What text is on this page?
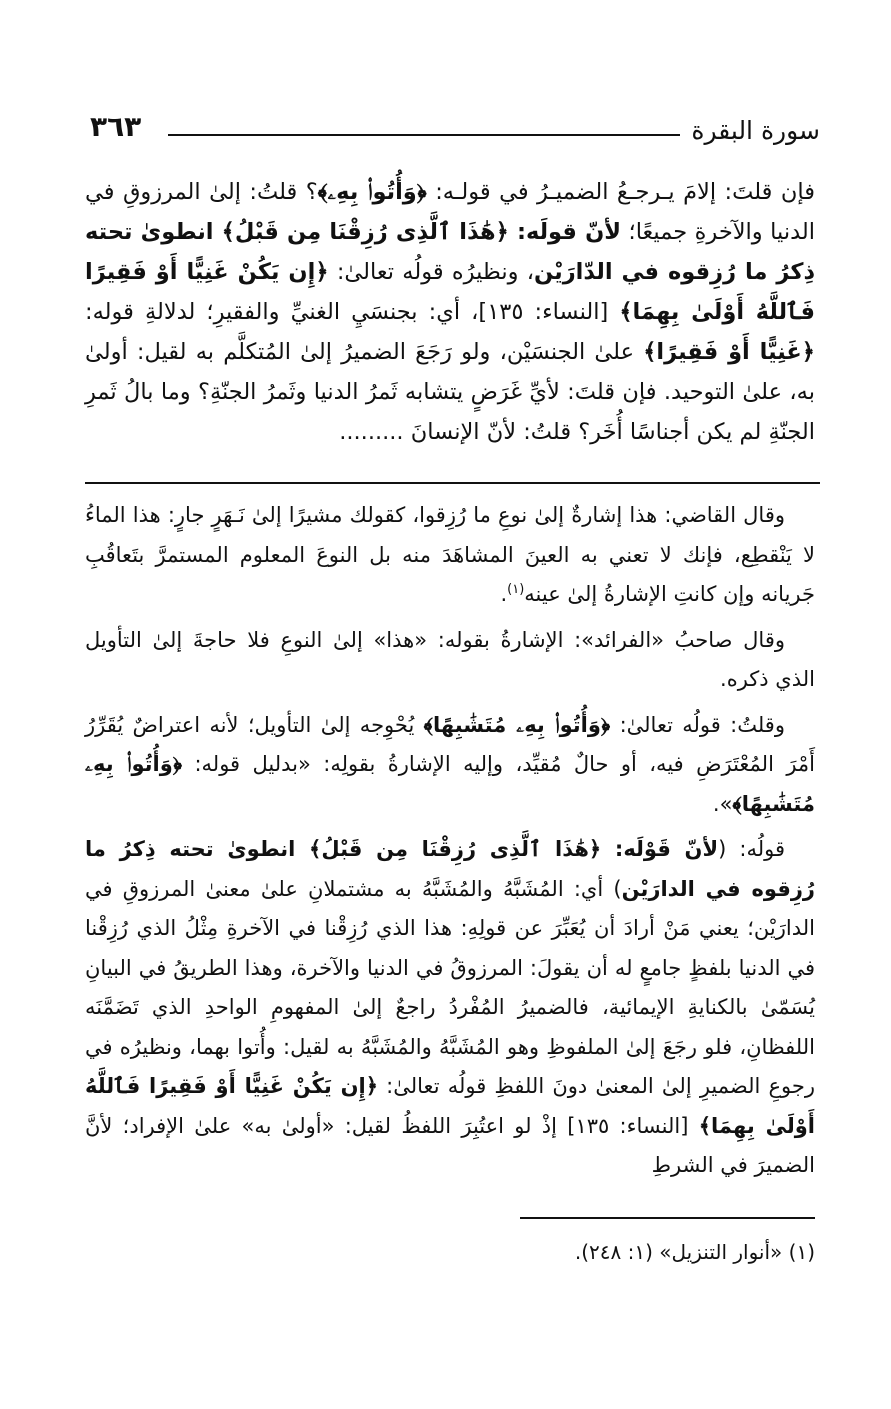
سورة البقرة
٣٦٣

فإن قلتَ: إلامَ يـرجـعُ الضميـرُ في قولـه: ﴿وَأُتُوا۟ بِهِۦ﴾؟ قلتُ: إلىٰ المرزوقِ في الدنيا والآخرةِ جميعًا؛ لأنّ قولَه: ﴿هَٰذَا ٱلَّذِى رُزِقْنَا مِن قَبْلُ﴾ انطوىٰ تحته ذِكرُ ما رُزِقوه في الدّارَيْن، ونظيرُه قولُه تعالىٰ: ﴿إِن يَكُنْ غَنِيًّا أَوْ فَقِيرًا فَٱللَّهُ أَوْلَىٰ بِهِمَا﴾ [النساء: ١٣٥]، أي: بجنسَيِ الغنيِّ والفقيرِ؛ لدلالةِ قوله: ﴿غَنِيًّا أَوْ فَقِيرًا﴾ علىٰ الجنسَيْن، ولو رَجَعَ الضميرُ إلىٰ المُتكلَّم به لقيل: أولىٰ به، علىٰ التوحيد. فإن قلتَ: لأيِّ غَرَضٍ يتشابه ثَمرُ الدنيا وثَمرُ الجنّةِ؟ وما بالُ ثَمرِ الجنّةِ لم يكن أجناسًا أُخَر؟ قلتُ: لأنّ الإنسانَ .........

وقال القاضي: هذا إشارةٌ إلىٰ نوعِ ما رُزِقوا، كقولك مشيرًا إلىٰ نَـهَرٍ جارٍ: هذا الماءُ لا يَنْقطِع، فإنك لا تعني به العينَ المشاهَدَ منه بل النوعَ المعلوم المستمرَّ بتَعاقُبِ جَريانه وإن كانتِ الإشارةُ إلىٰ عينه$^{(١)}$.

وقال صاحبُ «الفرائد»: الإشارةُ بقوله: «هذا» إلىٰ النوعِ فلا حاجةَ إلىٰ التأويل الذي ذكره.

وقلتُ: قولُه تعالىٰ: ﴿وَأُتُوا۟ بِهِۦ مُتَشَٰبِهًا﴾ يُحْوِجه إلىٰ التأويل؛ لأنه اعتراضٌ يُقَرِّرُ أَمْرَ المُعْتَرَضِ فيه، أو حالٌ مُقيِّد، وإليه الإشارةُ بقولِه: «بدليل قوله: ﴿وَأُتُوا۟ بِهِۦ مُتَشَٰبِهًا﴾».

قولُه: (لأنّ قَوْلَه: ﴿هَٰذَا ٱلَّذِى رُزِقْنَا مِن قَبْلُ﴾ انطوىٰ تحته ذِكرُ ما رُزِقوه في الدارَيْن) أي: المُشَبَّهُ والمُشَبَّهُ به مشتملانِ علىٰ معنىٰ المرزوقِ في الدارَيْن؛ يعني مَنْ أرادَ أن يُعَبِّرَ عن قولِهِ: هذا الذي رُزِقْنا في الآخرةِ مِثْلُ الذي رُزِقْنا في الدنيا بلفظٍ جامعٍ له أن يقولَ: المرزوقُ في الدنيا والآخرة، وهذا الطريقُ في البيانِ يُسَمّىٰ بالكنايةِ الإيمائية، فالضميرُ المُفْردُ راجعٌ إلىٰ المفهومِ الواحدِ الذي تَضَمَّنَه اللفظانِ، فلو رجَعَ إلىٰ الملفوظِ وهو المُشَبَّهُ والمُشَبَّهُ به لقيل: وأُتوا بهما، ونظيرُه في رجوعِ الضميرِ إلىٰ المعنىٰ دونَ اللفظِ قولُه تعالىٰ: ﴿إِن يَكُنْ غَنِيًّا أَوْ فَقِيرًا فَٱللَّهُ أَوْلَىٰ بِهِمَا﴾ [النساء: ١٣٥] إذْ لو اعتُبِرَ اللفظُ لقيل: «أولىٰ به» علىٰ الإفراد؛ لأنَّ الضميرَ في الشرطِ

(١) «أنوار التنزيل» (١: ٢٤٨).
